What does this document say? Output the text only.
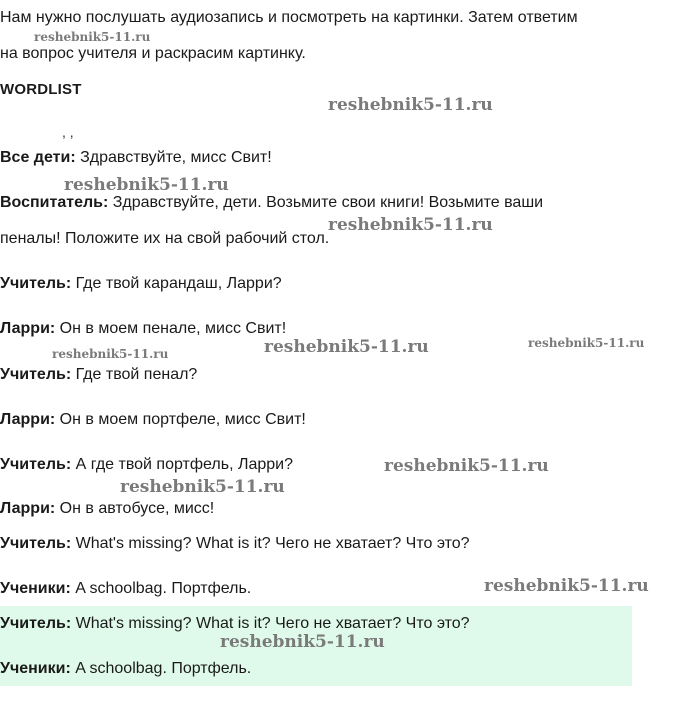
Нам нужно послушать аудиозапись и посмотреть на картинки. Затем ответим
на вопрос учителя и раскрасим картинку.
WORDLIST
, ,
Все дети: Здравствуйте, мисс Свит!
Воспитатель: Здравствуйте, дети. Возьмите свои книги! Возьмите ваши
пеналы! Положите их на свой рабочий стол.
Учитель: Где твой карандаш, Ларри?
Ларри: Он в моем пенале, мисс Свит!
Учитель: Где твой пенал?
Ларри: Он в моем портфеле, мисс Свит!
Учитель: А где твой портфель, Ларри?
Ларри: Он в автобусе, мисс!
Учитель: What's missing? What is it? Чего не хватает? Что это?
Ученики: A schoolbag. Портфель.
Учитель: What's missing? What is it? Чего не хватает? Что это?
Ученики: A schoolbag. Портфель.
reshebnik5-11.ru
reshebnik5-11.ru
reshebnik5-11.ru
reshebnik5-11.ru
reshebnik5-11.ru	reshebnik5-11.ru	reshebnik5-11.ru
reshebnik5-11.ru
reshebnik5-11.ru
reshebnik5-11.ru
reshebnik5-11.ru
